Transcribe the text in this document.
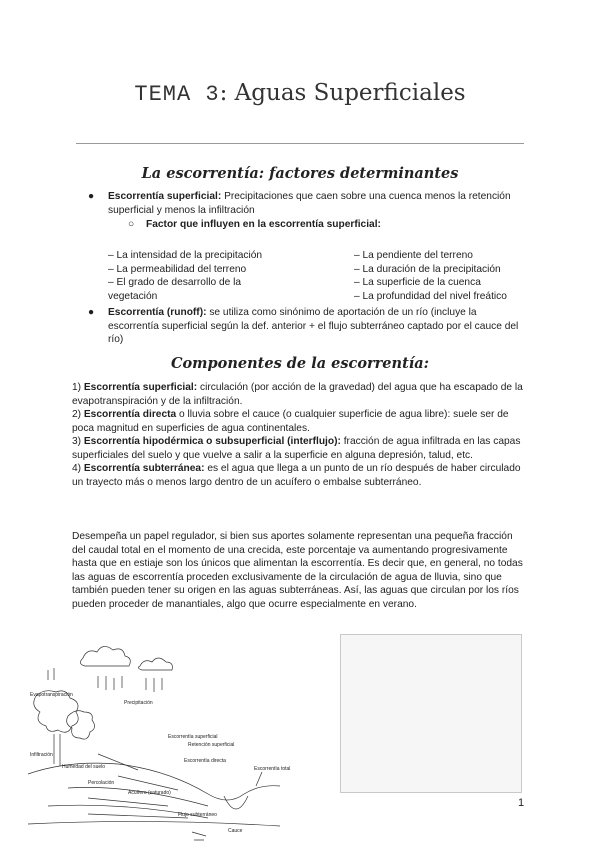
TEMA 3: Aguas Superficiales
La escorrentía: factores determinantes
● Escorrentía superficial: Precipitaciones que caen sobre una cuenca menos la retención superficial y menos la infiltración
○ Factor que influyen en la escorrentía superficial:
– La intensidad de la precipitación
– La permeabilidad del terreno
– El grado de desarrollo de la
vegetación
– La pendiente del terreno
– La duración de la precipitación
– La superficie de la cuenca
– La profundidad del nivel freático
● Escorrentía (runoff): se utiliza como sinónimo de aportación de un río (incluye la escorrentía superficial según la def. anterior + el flujo subterráneo captado por el cauce del río)
Componentes de la escorrentía:
1) Escorrentía superficial: circulación (por acción de la gravedad) del agua que ha escapado de la evapotranspiración y de la infiltración.
2) Escorrentía directa o lluvia sobre el cauce (o cualquier superficie de agua libre): suele ser de poca magnitud en superficies de agua continentales.
3) Escorrentía hipodérmica o subsuperficial (interflujo): fracción de agua infiltrada en las capas superficiales del suelo y que vuelve a salir a la superficie en alguna depresión, talud, etc.
4) Escorrentía subterránea: es el agua que llega a un punto de un río después de haber circulado un trayecto más o menos largo dentro de un acuífero o embalse subterráneo.
Desempeña un papel regulador, si bien sus aportes solamente representan una pequeña fracción del caudal total en el momento de una crecida, este porcentaje va aumentando progresivamente hasta que en estiaje son los únicos que alimentan la escorrentía. Es decir que, en general, no todas las aguas de escorrentía proceden exclusivamente de la circulación de agua de lluvia, sino que también pueden tener su origen en las aguas subterráneas. Así, las aguas que circulan por los ríos pueden proceder de manantiales, algo que ocurre especialmente en verano.
Precipitación
Evapotranspiración
Infiltración
Escorrentía superficial
Retención superficial
Escorrentía directa
Humedad del suelo
Percolación
Acuífero (saturado)
Flujo subterráneo
Escorrentía total
Cauce
1
